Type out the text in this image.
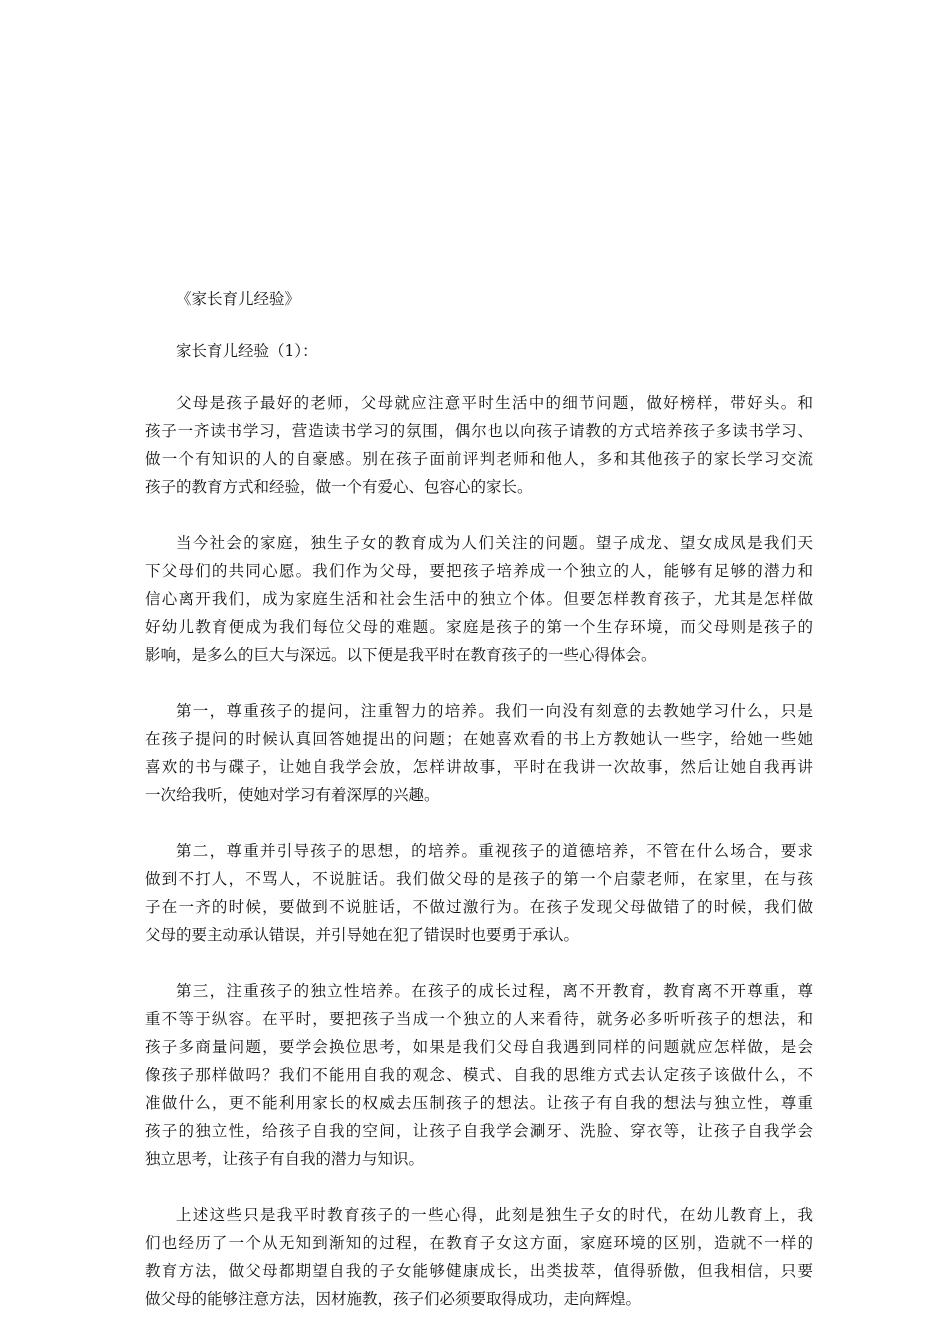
《家长育儿经验》

家长育儿经验（1）：

父母是孩子最好的老师，父母就应注意平时生活中的细节问题，做好榜样，带好头。和

孩子一齐读书学习，营造读书学习的氛围，偶尔也以向孩子请教的方式培养孩子多读书学习、

做一个有知识的人的自豪感。别在孩子面前评判老师和他人，多和其他孩子的家长学习交流

孩子的教育方式和经验，做一个有爱心、包容心的家长。

当今社会的家庭，独生子女的教育成为人们关注的问题。望子成龙、望女成凤是我们天

下父母们的共同心愿。我们作为父母，要把孩子培养成一个独立的人，能够有足够的潜力和

信心离开我们，成为家庭生活和社会生活中的独立个体。但要怎样教育孩子，尤其是怎样做

好幼儿教育便成为我们每位父母的难题。家庭是孩子的第一个生存环境，而父母则是孩子的

影响，是多么的巨大与深远。以下便是我平时在教育孩子的一些心得体会。

第一，尊重孩子的提问，注重智力的培养。我们一向没有刻意的去教她学习什么，只是

在孩子提问的时候认真回答她提出的问题；在她喜欢看的书上方教她认一些字，给她一些她

喜欢的书与碟子，让她自我学会放，怎样讲故事，平时在我讲一次故事，然后让她自我再讲

一次给我听，使她对学习有着深厚的兴趣。

第二，尊重并引导孩子的思想，的培养。重视孩子的道德培养，不管在什么场合，要求

做到不打人，不骂人，不说脏话。我们做父母的是孩子的第一个启蒙老师，在家里，在与孩

子在一齐的时候，要做到不说脏话，不做过激行为。在孩子发现父母做错了的时候，我们做

父母的要主动承认错误，并引导她在犯了错误时也要勇于承认。

第三，注重孩子的独立性培养。在孩子的成长过程，离不开教育，教育离不开尊重，尊

重不等于纵容。在平时，要把孩子当成一个独立的人来看待，就务必多听听孩子的想法，和

孩子多商量问题，要学会换位思考，如果是我们父母自我遇到同样的问题就应怎样做，是会

像孩子那样做吗？我们不能用自我的观念、模式、自我的思维方式去认定孩子该做什么，不

准做什么，更不能利用家长的权威去压制孩子的想法。让孩子有自我的想法与独立性，尊重

孩子的独立性，给孩子自我的空间，让孩子自我学会涮牙、洗脸、穿衣等，让孩子自我学会

独立思考，让孩子有自我的潜力与知识。

上述这些只是我平时教育孩子的一些心得，此刻是独生子女的时代，在幼儿教育上，我

们也经历了一个从无知到渐知的过程，在教育子女这方面，家庭环境的区别，造就不一样的

教育方法，做父母都期望自我的子女能够健康成长，出类拔萃，值得骄傲，但我相信，只要

做父母的能够注意方法，因材施教，孩子们必须要取得成功，走向辉煌。
